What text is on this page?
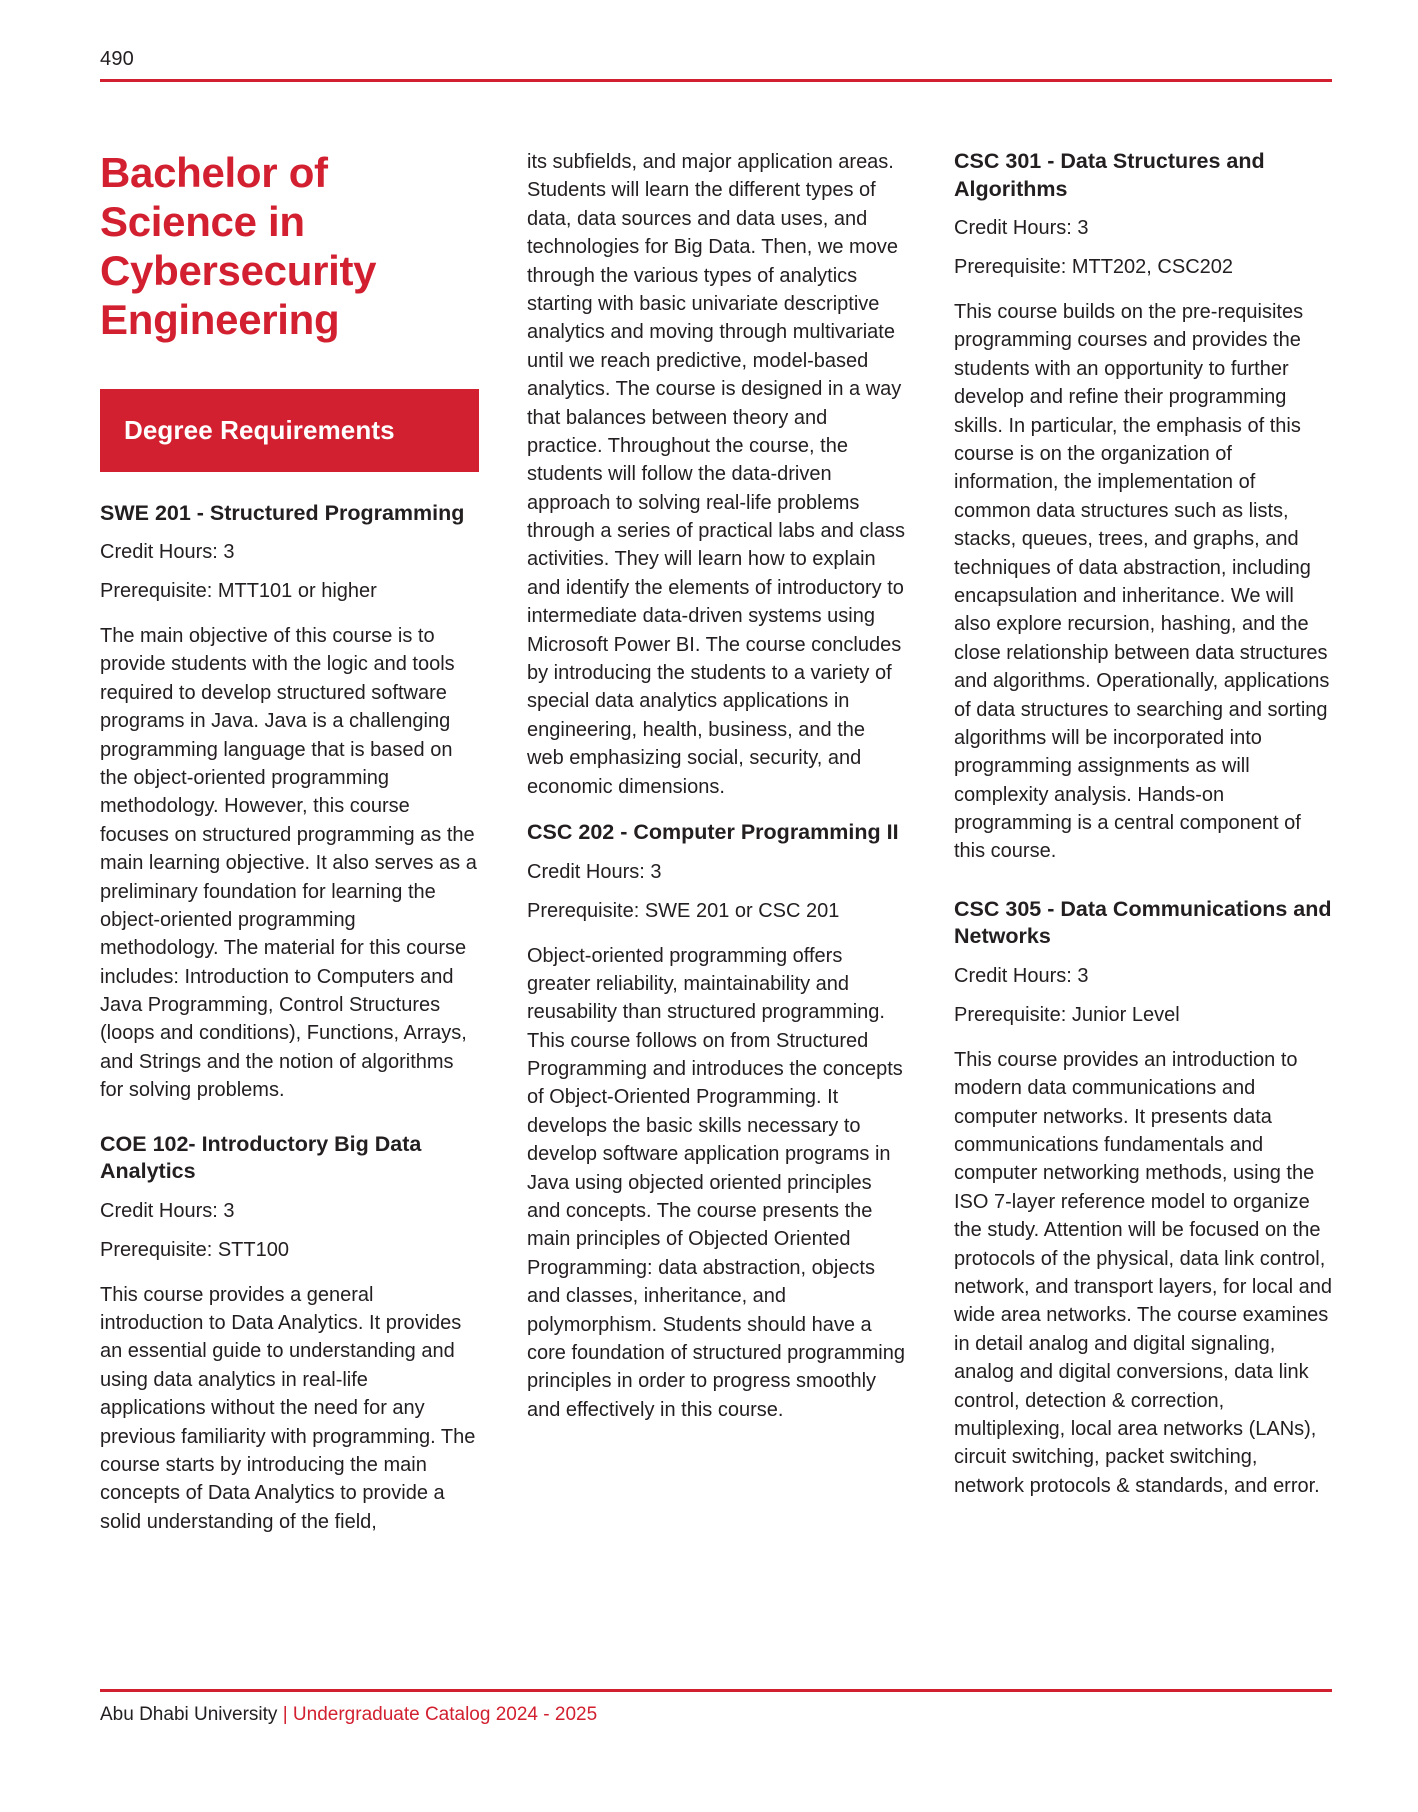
490
Bachelor of Science in Cybersecurity Engineering
Degree Requirements
SWE 201 - Structured Programming
Credit Hours: 3
Prerequisite: MTT101 or higher
The main objective of this course is to provide students with the logic and tools required to develop structured software programs in Java. Java is a challenging programming language that is based on the object-oriented programming methodology. However, this course focuses on structured programming as the main learning objective. It also serves as a preliminary foundation for learning the object-oriented programming methodology. The material for this course includes: Introduction to Computers and Java Programming, Control Structures (loops and conditions), Functions, Arrays, and Strings and the notion of algorithms for solving problems.
COE 102- Introductory Big Data Analytics
Credit Hours: 3
Prerequisite: STT100
This course provides a general introduction to Data Analytics. It provides an essential guide to understanding and using data analytics in real-life applications without the need for any previous familiarity with programming. The course starts by introducing the main concepts of Data Analytics to provide a solid understanding of the field,
its subfields, and major application areas. Students will learn the different types of data, data sources and data uses, and technologies for Big Data. Then, we move through the various types of analytics starting with basic univariate descriptive analytics and moving through multivariate until we reach predictive, model-based analytics. The course is designed in a way that balances between theory and practice. Throughout the course, the students will follow the data-driven approach to solving real-life problems through a series of practical labs and class activities. They will learn how to explain and identify the elements of introductory to intermediate data-driven systems using Microsoft Power BI. The course concludes by introducing the students to a variety of special data analytics applications in engineering, health, business, and the web emphasizing social, security, and economic dimensions.
CSC 202 - Computer Programming II
Credit Hours: 3
Prerequisite: SWE 201 or CSC 201
Object-oriented programming offers greater reliability, maintainability and reusability than structured programming. This course follows on from Structured Programming and introduces the concepts of Object-Oriented Programming. It develops the basic skills necessary to develop software application programs in Java using objected oriented principles and concepts. The course presents the main principles of Objected Oriented Programming: data abstraction, objects and classes, inheritance, and polymorphism. Students should have a core foundation of structured programming principles in order to progress smoothly and effectively in this course.
CSC 301 - Data Structures and Algorithms
Credit Hours: 3
Prerequisite: MTT202, CSC202
This course builds on the pre-requisites programming courses and provides the students with an opportunity to further develop and refine their programming skills. In particular, the emphasis of this course is on the organization of information, the implementation of common data structures such as lists, stacks, queues, trees, and graphs, and techniques of data abstraction, including encapsulation and inheritance. We will also explore recursion, hashing, and the close relationship between data structures and algorithms. Operationally, applications of data structures to searching and sorting algorithms will be incorporated into programming assignments as will complexity analysis. Hands-on programming is a central component of this course.
CSC 305 - Data Communications and Networks
Credit Hours: 3
Prerequisite: Junior Level
This course provides an introduction to modern data communications and computer networks. It presents data communications fundamentals and computer networking methods, using the ISO 7-layer reference model to organize the study. Attention will be focused on the protocols of the physical, data link control, network, and transport layers, for local and wide area networks. The course examines in detail analog and digital signaling, analog and digital conversions, data link control, detection & correction, multiplexing, local area networks (LANs), circuit switching, packet switching, network protocols & standards, and error.
Abu Dhabi University | Undergraduate Catalog 2024 - 2025
